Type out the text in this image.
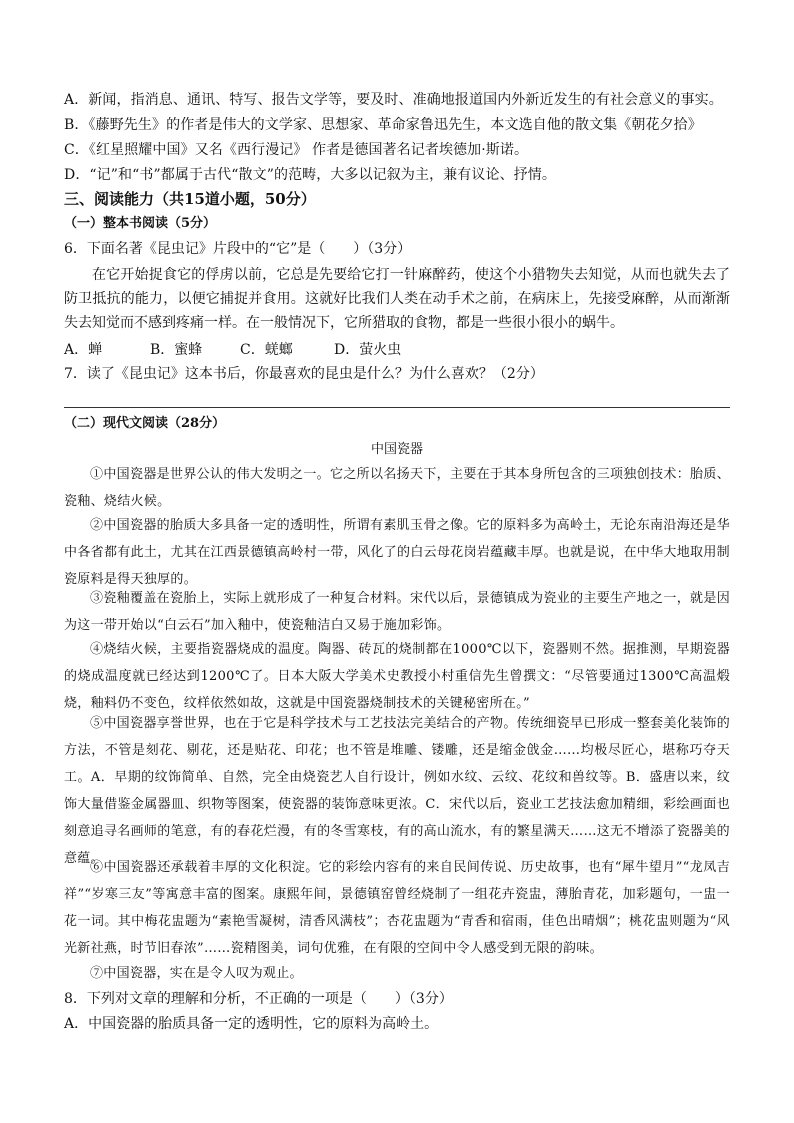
A．新闻，指消息、通讯、特写、报告文学等，要及时、准确地报道国内外新近发生的有社会意义的事实。
B．《藤野先生》的作者是伟大的文学家、思想家、革命家鲁迅先生，本文选自他的散文集《朝花夕拾》
C．《红星照耀中国》又名《西行漫记》 作者是德国著名记者埃德加·斯诺。
D．“记”和“书”都属于古代“散文”的范畴，大多以记叙为主，兼有议论、抒情。
三、阅读能力（共15道小题，50分）
（一）整本书阅读（5分）
6．下面名著《昆虫记》片段中的“它”是（　　）（3分）
在它开始捉食它的俘虏以前，它总是先要给它打一针麻醉药，使这个小猎物失去知觉，从而也就失去了防卫抵抗的能力，以便它捕捉并食用。这就好比我们人类在动手术之前，在病床上，先接受麻醉，从而渐渐失去知觉而不感到疼痛一样。在一般情况下，它所猎取的食物，都是一些很小很小的蜗牛。
A．蝉	B．蜜蜂	C．蜣螂	D．萤火虫
7．读了《昆虫记》这本书后，你最喜欢的昆虫是什么？为什么喜欢？（2分）
（二）现代文阅读（28分）
中国瓷器
①中国瓷器是世界公认的伟大发明之一。它之所以名扬天下，主要在于其本身所包含的三项独创技术：胎质、瓷釉、烧结火候。
②中国瓷器的胎质大多具备一定的透明性，所谓有素肌玉骨之像。它的原料多为高岭土，无论东南沿海还是华中各省都有此土，尤其在江西景德镇高岭村一带，风化了的白云母花岗岩蕴藏丰厚。也就是说，在中华大地取用制瓷原料是得天独厚的。
③瓷釉覆盖在瓷胎上，实际上就形成了一种复合材料。宋代以后，景德镇成为瓷业的主要生产地之一，就是因为这一带开始以“白云石”加入釉中，使瓷釉洁白又易于施加彩饰。
④烧结火候，主要指瓷器烧成的温度。陶器、砖瓦的烧制都在1000℃以下，瓷器则不然。据推测，早期瓷器的烧成温度就已经达到1200℃了。日本大阪大学美术史教授小村重信先生曾撰文：“尽管要通过1300℃高温煅烧，釉料仍不变色，纹样依然如故，这就是中国瓷器烧制技术的关键秘密所在。”
⑤中国瓷器享誉世界，也在于它是科学技术与工艺技法完美结合的产物。传统细瓷早已形成一整套美化装饰的方法，不管是刻花、剔花，还是贴花、印花；也不管是堆雕、镂雕，还是缩金戗金……均极尽匠心，堪称巧夺天工。A．早期的纹饰简单、自然，完全由烧瓷艺人自行设计，例如水纹、云纹、花纹和兽纹等。B．盛唐以来，纹饰大量借鉴金属器皿、织物等图案，使瓷器的装饰意味更浓。C．宋代以后，瓷业工艺技法愈加精细，彩绘画面也刻意追寻名画师的笔意，有的春花烂漫，有的冬雪寒枝，有的高山流水，有的繁星满天……这无不增添了瓷器美的意蕴。
⑥中国瓷器还承载着丰厚的文化积淀。它的彩绘内容有的来自民间传说、历史故事，也有“犀牛望月”“龙凤吉祥”“岁寒三友”等寓意丰富的图案。康熙年间，景德镇窑曾经烧制了一组花卉瓷盅，薄胎青花，加彩题句，一盅一花一词。其中梅花盅题为“素艳雪凝树，清香风满枝”；杏花盅题为“青香和宿雨，佳色出晴烟”；桃花盅则题为“风光新社燕，时节旧春浓”……瓷精图美，词句优雅，在有限的空间中令人感受到无限的韵味。
⑦中国瓷器，实在是令人叹为观止。
8．下列对文章的理解和分析，不正确的一项是（　　）（3分）
A．中国瓷器的胎质具备一定的透明性，它的原料为高岭土。
